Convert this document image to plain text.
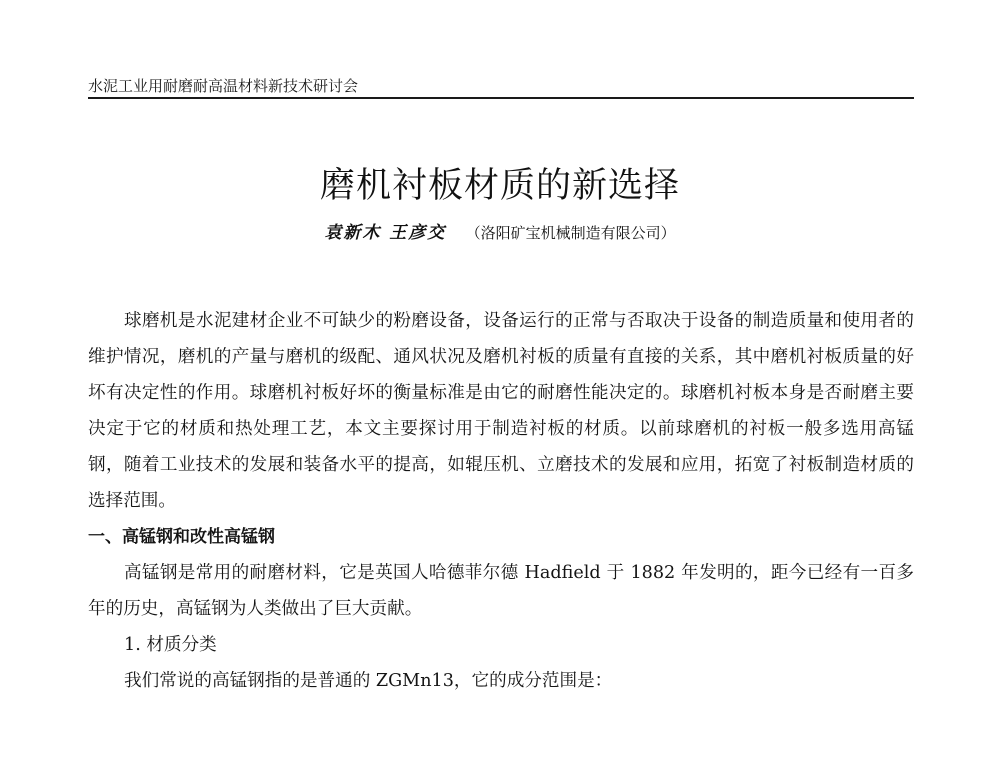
水泥工业用耐磨耐高温材料新技术研讨会
磨机衬板材质的新选择
袁新木 王彦交 （洛阳矿宝机械制造有限公司）

球磨机是水泥建材企业不可缺少的粉磨设备，设备运行的正常与否取决于设备的制造质量和使用者的维护情况，磨机的产量与磨机的级配、通风状况及磨机衬板的质量有直接的关系，其中磨机衬板质量的好坏有决定性的作用。球磨机衬板好坏的衡量标准是由它的耐磨性能决定的。球磨机衬板本身是否耐磨主要决定于它的材质和热处理工艺，本文主要探讨用于制造衬板的材质。以前球磨机的衬板一般多选用高锰钢，随着工业技术的发展和装备水平的提高，如辊压机、立磨技术的发展和应用，拓宽了衬板制造材质的选择范围。

一、高锰钢和改性高锰钢

高锰钢是常用的耐磨材料，它是英国人哈德菲尔德 Hadfield 于 1882 年发明的，距今已经有一百多年的历史，高锰钢为人类做出了巨大贡献。

1. 材质分类

我们常说的高锰钢指的是普通的 ZGMn13，它的成分范围是：
